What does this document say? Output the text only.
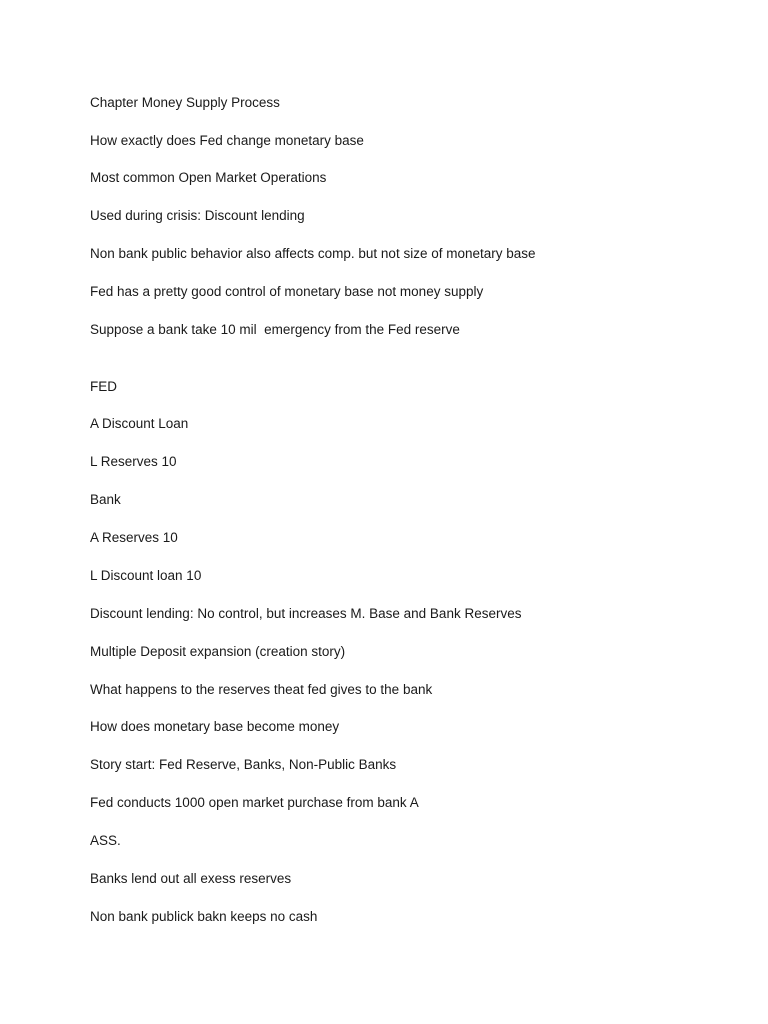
Chapter Money Supply Process
How exactly does Fed change monetary base
Most common Open Market Operations
Used during crisis: Discount lending
Non bank public behavior also affects comp. but not size of monetary base
Fed has a pretty good control of monetary base not money supply
Suppose a bank take 10 mil  emergency from the Fed reserve
FED
A Discount Loan
L Reserves 10
Bank
A Reserves 10
L Discount loan 10
Discount lending: No control, but increases M. Base and Bank Reserves
Multiple Deposit expansion (creation story)
What happens to the reserves theat fed gives to the bank
How does monetary base become money
Story start: Fed Reserve, Banks, Non-Public Banks
Fed conducts 1000 open market purchase from bank A
ASS.
Banks lend out all exess reserves
Non bank publick bakn keeps no cash
